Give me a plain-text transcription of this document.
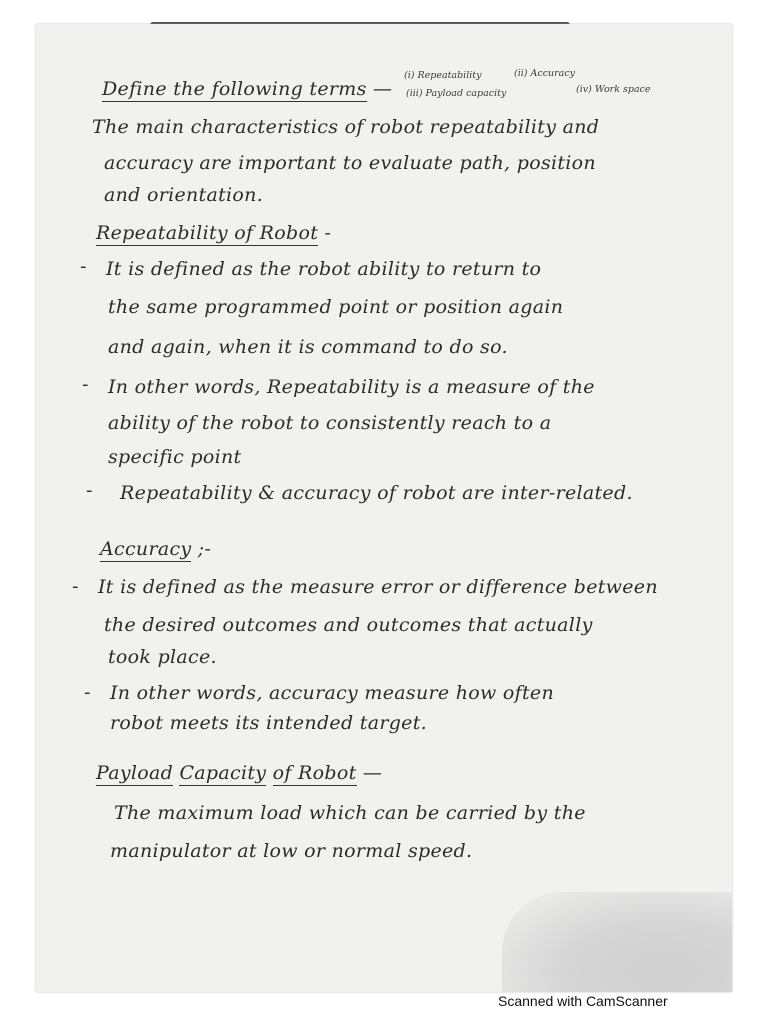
Define the following terms —
(i) Repeatability	(ii) Accuracy
(iii) Payload capacity	(iv) Work space
The main characteristics of robot repeatability and
accuracy are important to evaluate path, position
and orientation.
Repeatability of Robot -
- It is defined as the robot ability to return to
the same programmed point or position again
and again, when it is command to do so.
- In other words, Repeatability is a measure of the
ability of the robot to consistently reach to a
specific point
- Repeatability & accuracy of robot are inter-related.
Accuracy ;-
- It is defined as the measure error or difference between
the desired outcomes and outcomes that actually
took place.
- In other words, accuracy measure how often
robot meets its intended target.
Payload Capacity of Robot —
The maximum load which can be carried by the
manipulator at low or normal speed.
Scanned with CamScanner
